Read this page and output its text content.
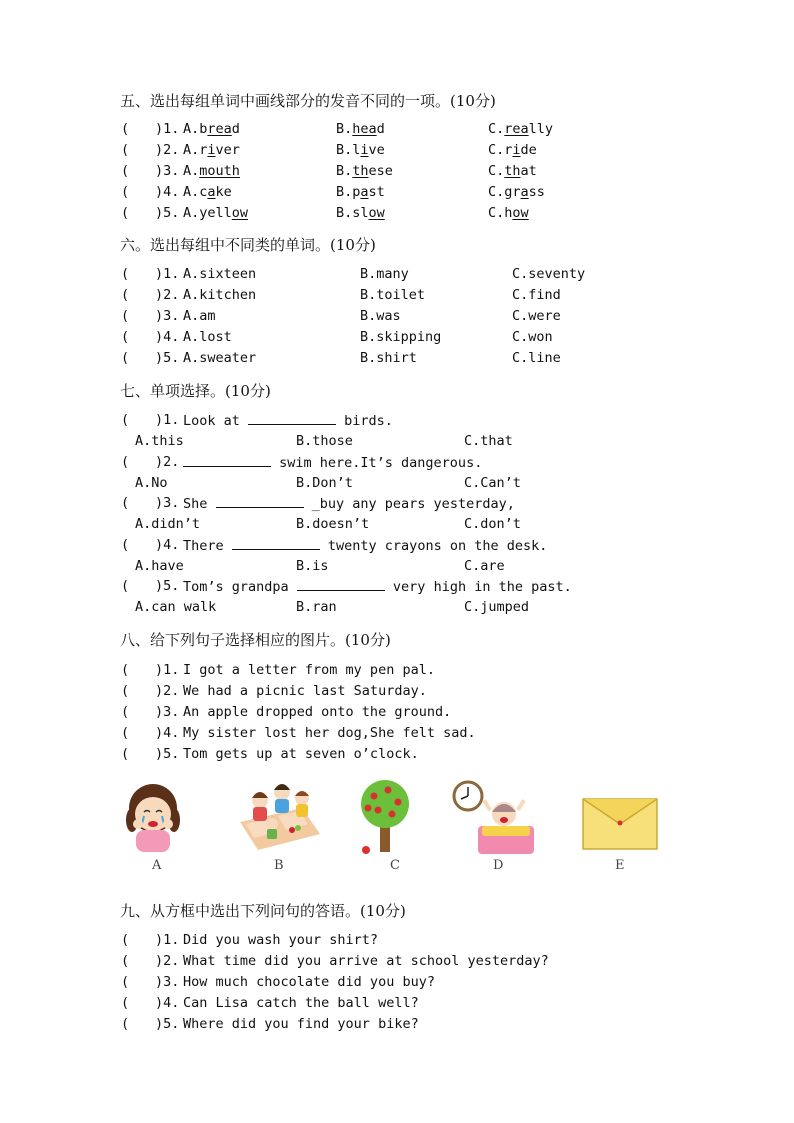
五、选出每组单词中画线部分的发音不同的一项。(10分)
( )1. A.bread	B.head	C.really
( )2. A.river	B.live	C.ride
( )3. A.mouth	B.these	C.that
( )4. A.cake	B.past	C.grass
( )5. A.yellow	B.slow	C.how
六。选出每组中不同类的单词。(10分)
( )1. A.sixteen	B.many	C.seventy
( )2. A.kitchen	B.toilet	C.find
( )3. A.am	B.was	C.were
( )4. A.lost	B.skipping	C.won
( )5. A.sweater	B.shirt	C.line
七、单项选择。(10分)
( )1. Look at	birds.
A.this	B.those	C.that
( )2.	swim here.It’s dangerous.
A.No	B.Don’t	C.Can’t
( )3. She	_buy any pears yesterday,
A.didn’t	B.doesn’t	C.don’t
( )4. There	twenty crayons on the desk.
A.have	B.is	C.are
( )5. Tom’s grandpa	very high in the past.
A.can walk	B.ran	C.jumped
八、给下列句子选择相应的图片。(10分)
( )1. I got a letter from my pen pal.
( )2. We had a picnic last Saturday.
( )3. An apple dropped onto the ground.
( )4. My sister lost her dog,She felt sad.
( )5. Tom gets up at seven o’clock.
A	B	C	D	E
九、从方框中选出下列问句的答语。(10分)
( )1. Did you wash your shirt?
( )2. What time did you arrive at school yesterday?
( )3. How much chocolate did you buy?
( )4. Can Lisa catch the ball well?
( )5. Where did you find your bike?
